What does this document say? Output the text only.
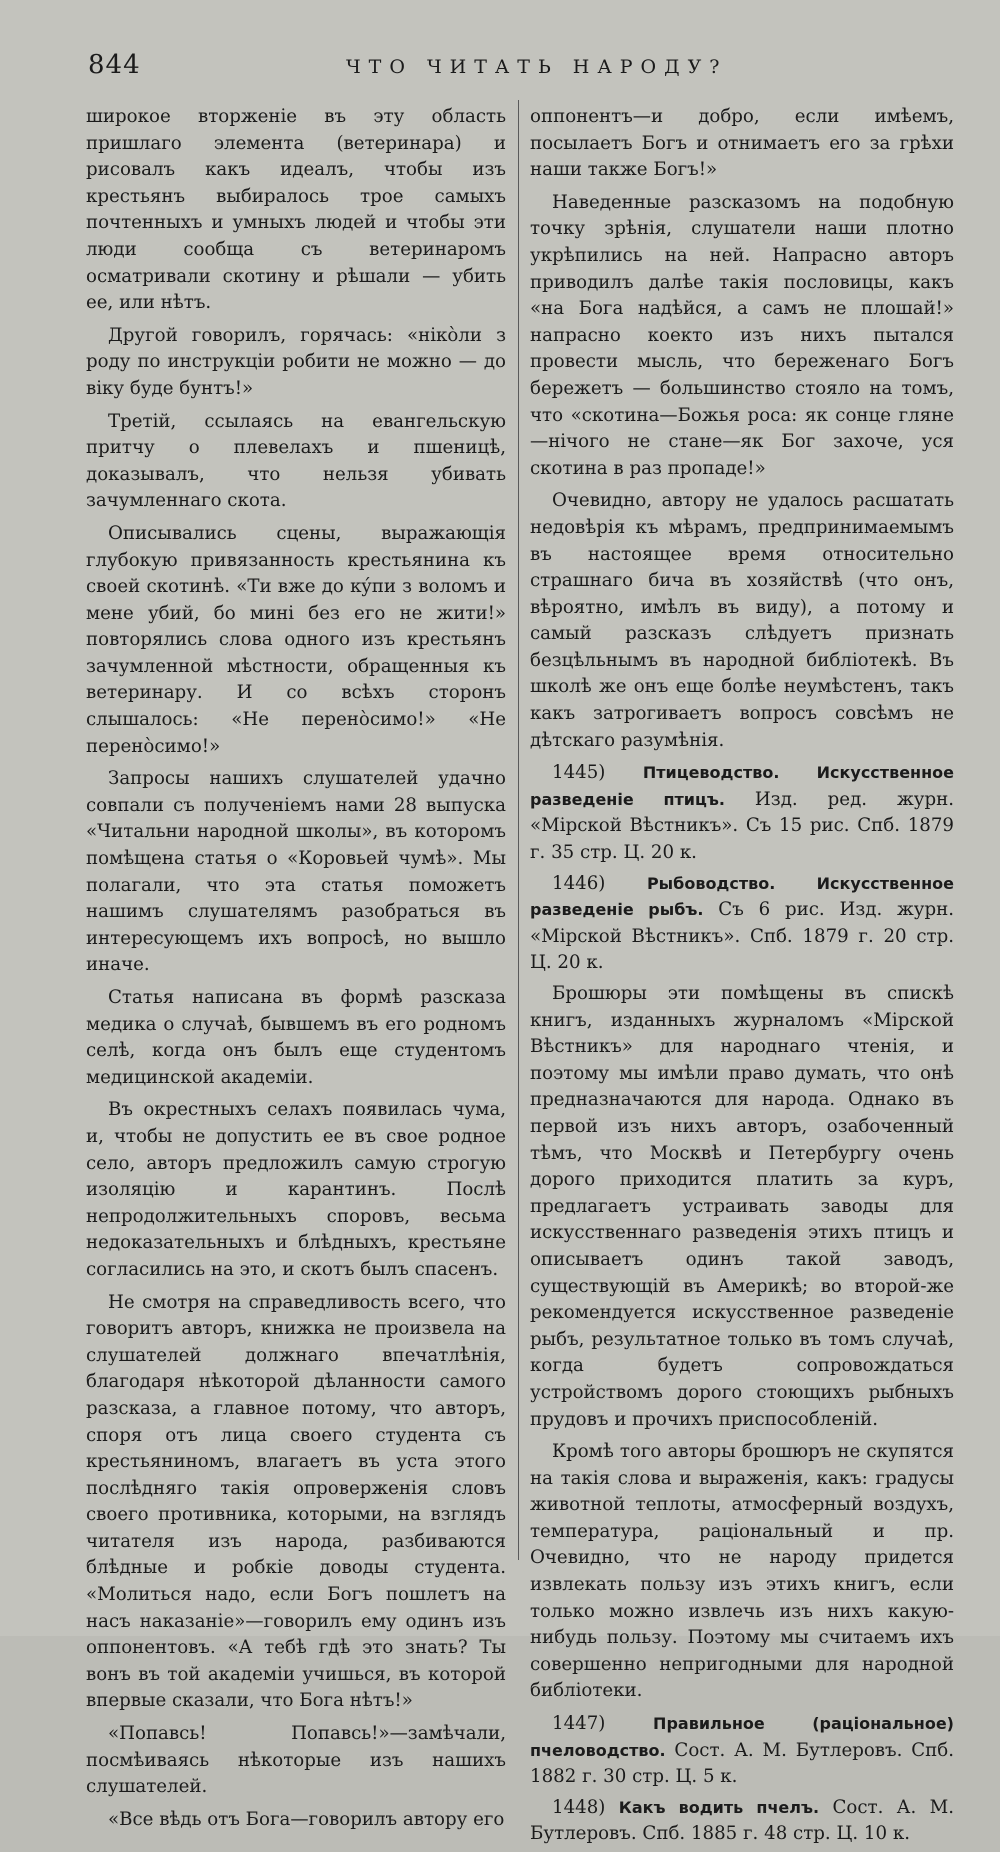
844	ЧТО ЧИТАТЬ НАРОДУ?

широкое вторженіе въ эту область пришлаго элемента (ветеринара) и рисовалъ какъ идеалъ, чтобы изъ крестьянъ выбиралось трое самыхъ почтенныхъ и умныхъ людей и чтобы эти люди сообща съ ветеринаромъ осматривали скотину и рѣшали — убить ее, или нѣтъ.

Другой говорилъ, горячась: «нікòли з роду по инструкціи робити не можно — до віку буде бунтъ!»

Третій, ссылаясь на евангельскую притчу о плевелахъ и пшеницѣ, доказывалъ, что нельзя убивать зачумленнаго скота.

Описывались сцены, выражающія глубокую привязанность крестьянина къ своей скотинѣ. «Ти вже до кýпи з воломъ и мене убий, бо мині без его не жити!» повторялись слова одного изъ крестьянъ зачумленной мѣстности, обращенныя къ ветеринару. И со всѣхъ сторонъ слышалось: «Не перенòсимо!» «Не перенòсимо!»

Запросы нашихъ слушателей удачно совпали съ полученіемъ нами 28 выпуска «Читальни народной школы», въ которомъ помѣщена статья о «Коровьей чумѣ». Мы полагали, что эта статья поможетъ нашимъ слушателямъ разобраться въ интересующемъ ихъ вопросѣ, но вышло иначе.

Статья написана въ формѣ разсказа медика о случаѣ, бывшемъ въ его родномъ селѣ, когда онъ былъ еще студентомъ медицинской академіи.

Въ окрестныхъ селахъ появилась чума, и, чтобы не допустить ее въ свое родное село, авторъ предложилъ самую строгую изоляцію и карантинъ. Послѣ непродолжительныхъ споровъ, весьма недоказательныхъ и блѣдныхъ, крестьяне согласились на это, и скотъ былъ спасенъ.

Не смотря на справедливость всего, что говоритъ авторъ, книжка не произвела на слушателей должнаго впечатлѣнія, благодаря нѣкоторой дѣланности самого разсказа, а главное потому, что авторъ, споря отъ лица своего студента съ крестьяниномъ, влагаетъ въ уста этого послѣдняго такія опроверженія словъ своего противника, которыми, на взглядъ читателя изъ народа, разбиваются блѣдные и робкіе доводы студента. «Молиться надо, если Богъ пошлетъ на насъ наказаніе»—говорилъ ему одинъ изъ оппонентовъ. «А тебѣ гдѣ это знать? Ты вонъ въ той академіи учишься, въ которой впервые сказали, что Бога нѣтъ!»

«Попавсь! Попавсь!»—замѣчали, посмѣиваясь нѣкоторые изъ нашихъ слушателей.

«Все вѣдь отъ Бога—говорилъ автору его

оппонентъ—и добро, если имѣемъ, посылаетъ Богъ и отнимаетъ его за грѣхи наши также Богъ!»

Наведенные разсказомъ на подобную точку зрѣнія, слушатели наши плотно укрѣпились на ней. Напрасно авторъ приводилъ далѣе такія пословицы, какъ «на Бога надѣйся, а самъ не плошай!» напрасно коекто изъ нихъ пытался провести мысль, что береженаго Богъ бережетъ — большинство стояло на томъ, что «скотина—Божья роса: як сонце гляне—нічого не стане—як Бог захоче, уся скотина в раз пропаде!»

Очевидно, автору не удалось расшатать недовѣрія къ мѣрамъ, предпринимаемымъ въ настоящее время относительно страшнаго бича въ хозяйствѣ (что онъ, вѣроятно, имѣлъ въ виду), а потому и самый разсказъ слѣдуетъ признать безцѣльнымъ въ народной библіотекѣ. Въ школѣ же онъ еще болѣе неумѣстенъ, такъ какъ затрогиваетъ вопросъ совсѣмъ не дѣтскаго разумѣнія.

1445) Птицеводство. Искусственное разведеніе птицъ. Изд. ред. журн. «Мірской Вѣстникъ». Съ 15 рис. Спб. 1879 г. 35 стр. Ц. 20 к.

1446)	Рыбоводство. Искусственное разведеніе рыбъ. Съ 6 рис. Изд. журн. «Мірской Вѣстникъ». Спб. 1879 г. 20 стр. Ц. 20 к.

Брошюры эти помѣщены въ спискѣ книгъ, изданныхъ журналомъ «Мірской Вѣстникъ» для народнаго чтенія, и поэтому мы имѣли право думать, что онѣ предназначаются для народа. Однако въ первой изъ нихъ авторъ, озабоченный тѣмъ, что Москвѣ и Петербургу очень дорого приходится платить за куръ, предлагаетъ устраивать заводы для искусственнаго разведенія этихъ птицъ и описываетъ одинъ такой заводъ, существующій въ Америкѣ; во второй-же рекомендуется искусственное разведеніе рыбъ, результатное только въ томъ случаѣ, когда будетъ сопровождаться устройствомъ дорого стоющихъ рыбныхъ прудовъ и прочихъ приспособленій.

Кромѣ того авторы брошюръ не скупятся на такія слова и выраженія, какъ: градусы животной теплоты, атмосферный воздухъ, температура, раціональный и пр. Очевидно, что не народу придется извлекать пользу изъ этихъ книгъ, если только можно извлечь изъ нихъ какую-нибудь пользу. Поэтому мы считаемъ ихъ совершенно непригодными для народной библіотеки.

1447)	Правильное (раціональное) пчеловодство. Сост. А. М. Бутлеровъ. Спб. 1882 г. 30 стр. Ц. 5 к.

1448) Какъ водить пчелъ. Сост. А. М. Бутлеровъ. Спб. 1885 г. 48 стр. Ц. 10 к.
